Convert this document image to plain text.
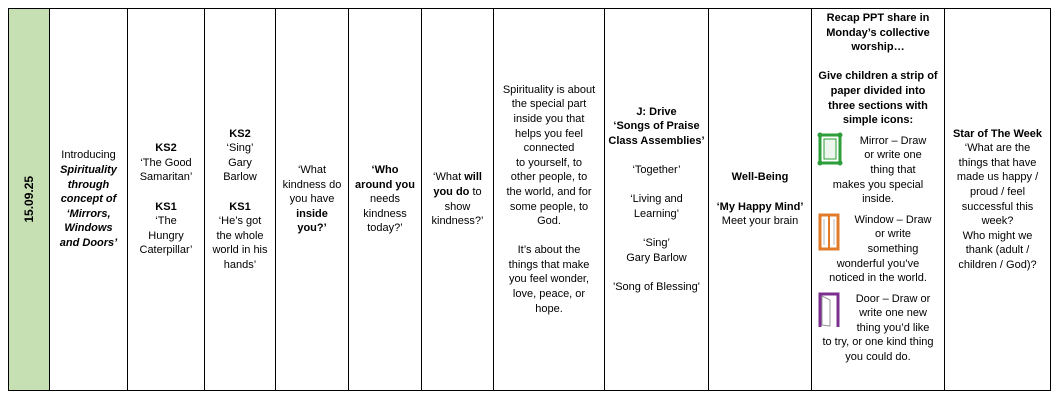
15.09.25

Introducing

Spirituality

through

concept of

‘Mirrors,

Windows

and Doors’

KS2

‘The Good

Samaritan’

KS1

‘The

Hungry

Caterpillar’

KS2

‘Sing’

Gary

Barlow

KS1

‘He’s got

the whole

world in his

hands’

‘What

kindness do

you have

inside

you?’

‘Who

around you

needs

kindness

today?’

‘What will

you do to

show

kindness?’

Spirituality is about

the special part

inside you that

helps you feel

connected

to yourself, to

other people, to

the world, and for

some people, to

God.

It’s about the

things that make

you feel wonder,

love, peace, or

hope.

J: Drive

‘Songs of Praise

Class Assemblies’

‘Together’

‘Living and

Learning’

‘Sing’

Gary Barlow

'Song of Blessing'

Well-Being

‘My Happy Mind’

Meet your brain

Recap PPT share in

Monday’s collective

worship…

Give children a strip of

paper divided into

three sections with

simple icons:

Mirror – Draw

or write one

thing that

makes you special

inside.

Window – Draw

or write

something

wonderful you’ve

noticed in the world.

Door – Draw or

write one new

thing you’d like

to try, or one kind thing

you could do.

Star of The Week

‘What are the

things that have

made us happy /

proud / feel

successful this

week?

Who might we

thank (adult /

children / God)?
